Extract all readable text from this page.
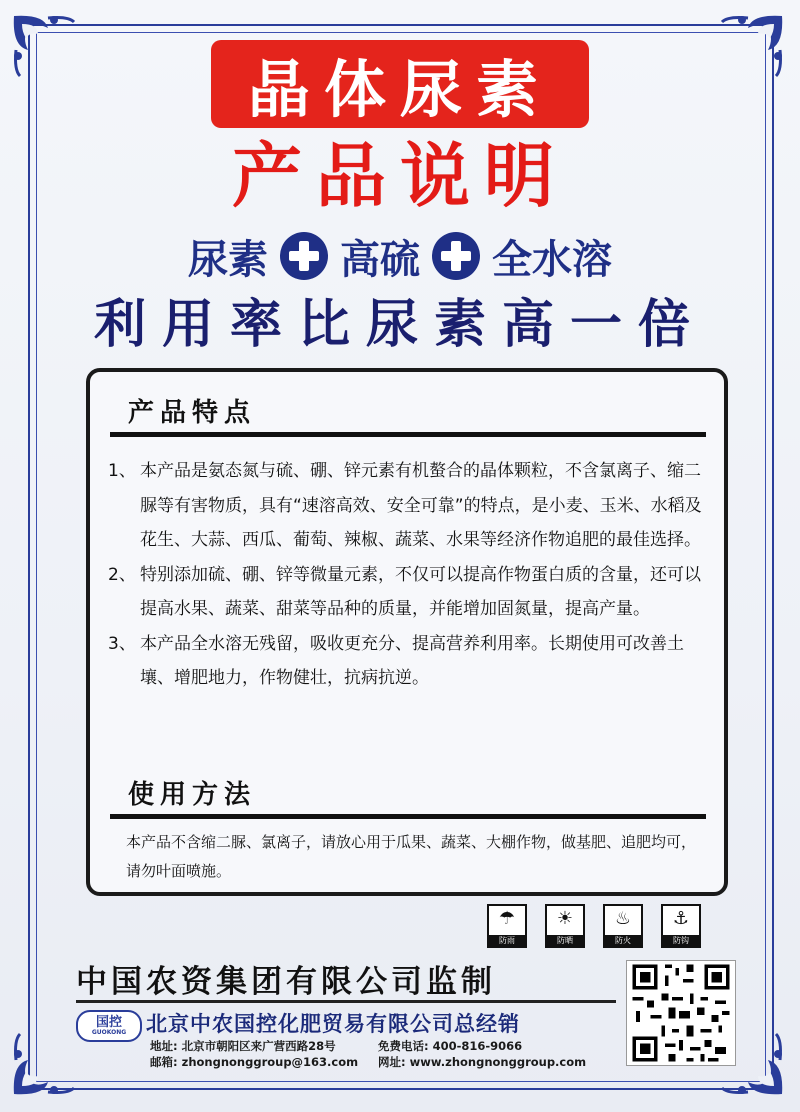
晶体尿素
产品说明
尿素 高硫 全水溶
利用率比尿素高一倍
产品特点
1、 本产品是氨态氮与硫、硼、锌元素有机螯合的晶体颗粒，不含氯离子、缩二脲等有害物质，具有“速溶高效、安全可靠”的特点，是小麦、玉米、水稻及花生、大蒜、西瓜、葡萄、辣椒、蔬菜、水果等经济作物追肥的最佳选择。
2、 特别添加硫、硼、锌等微量元素，不仅可以提高作物蛋白质的含量，还可以提高水果、蔬菜、甜菜等品种的质量，并能增加固氮量，提高产量。
3、 本产品全水溶无残留，吸收更充分、提高营养利用率。长期使用可改善土壤、增肥地力，作物健壮，抗病抗逆。
使用方法
本产品不含缩二脲、氯离子，请放心用于瓜果、蔬菜、大棚作物，做基肥、追肥均可，请勿叶面喷施。
☂
防雨
☀
防晒
♨
防火
⚓
防钩
中国农资集团有限公司监制
国控
GUOKONG 北京中农国控化肥贸易有限公司总经销
地址: 北京市朝阳区来广营西路28号	免费电话: 400-816-9066
邮箱: zhongnonggroup@163.com 网址: www.zhongnonggroup.com
